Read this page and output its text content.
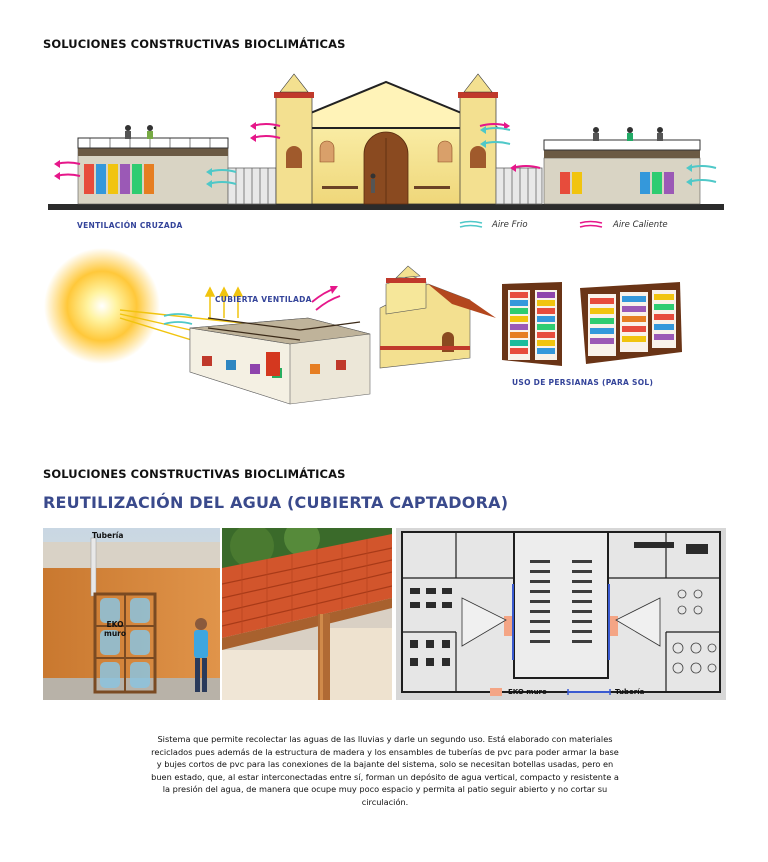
SOLUCIONES CONSTRUCTIVAS BIOCLIMÁTICAS
VENTILACIÓN CRUZADA	Aire Frio	Aire Caliente
CUBIERTA VENTILADA
USO DE PERSIANAS (PARA SOL)
SOLUCIONES CONSTRUCTIVAS BIOCLIMÁTICAS
REUTILIZACIÓN DEL AGUA (CUBIERTA CAPTADORA)
Tubería
EKO
muro
EKO muro	Tubería
Sistema que permite recolectar las aguas de las lluvias y darle un segundo uso. Está elaborado con materiales reciclados pues además de la estructura de madera y los ensambles de tuberías de pvc para poder armar la base y bujes cortos de pvc para las conexiones de la bajante del sistema, solo se necesitan botellas usadas, pero en buen estado, que, al estar interconectadas entre sí, forman un depósito de agua vertical, compacto y resistente a la presión del agua, de manera que ocupe muy poco espacio y permita al patio seguir abierto y no cortar su circulación.
